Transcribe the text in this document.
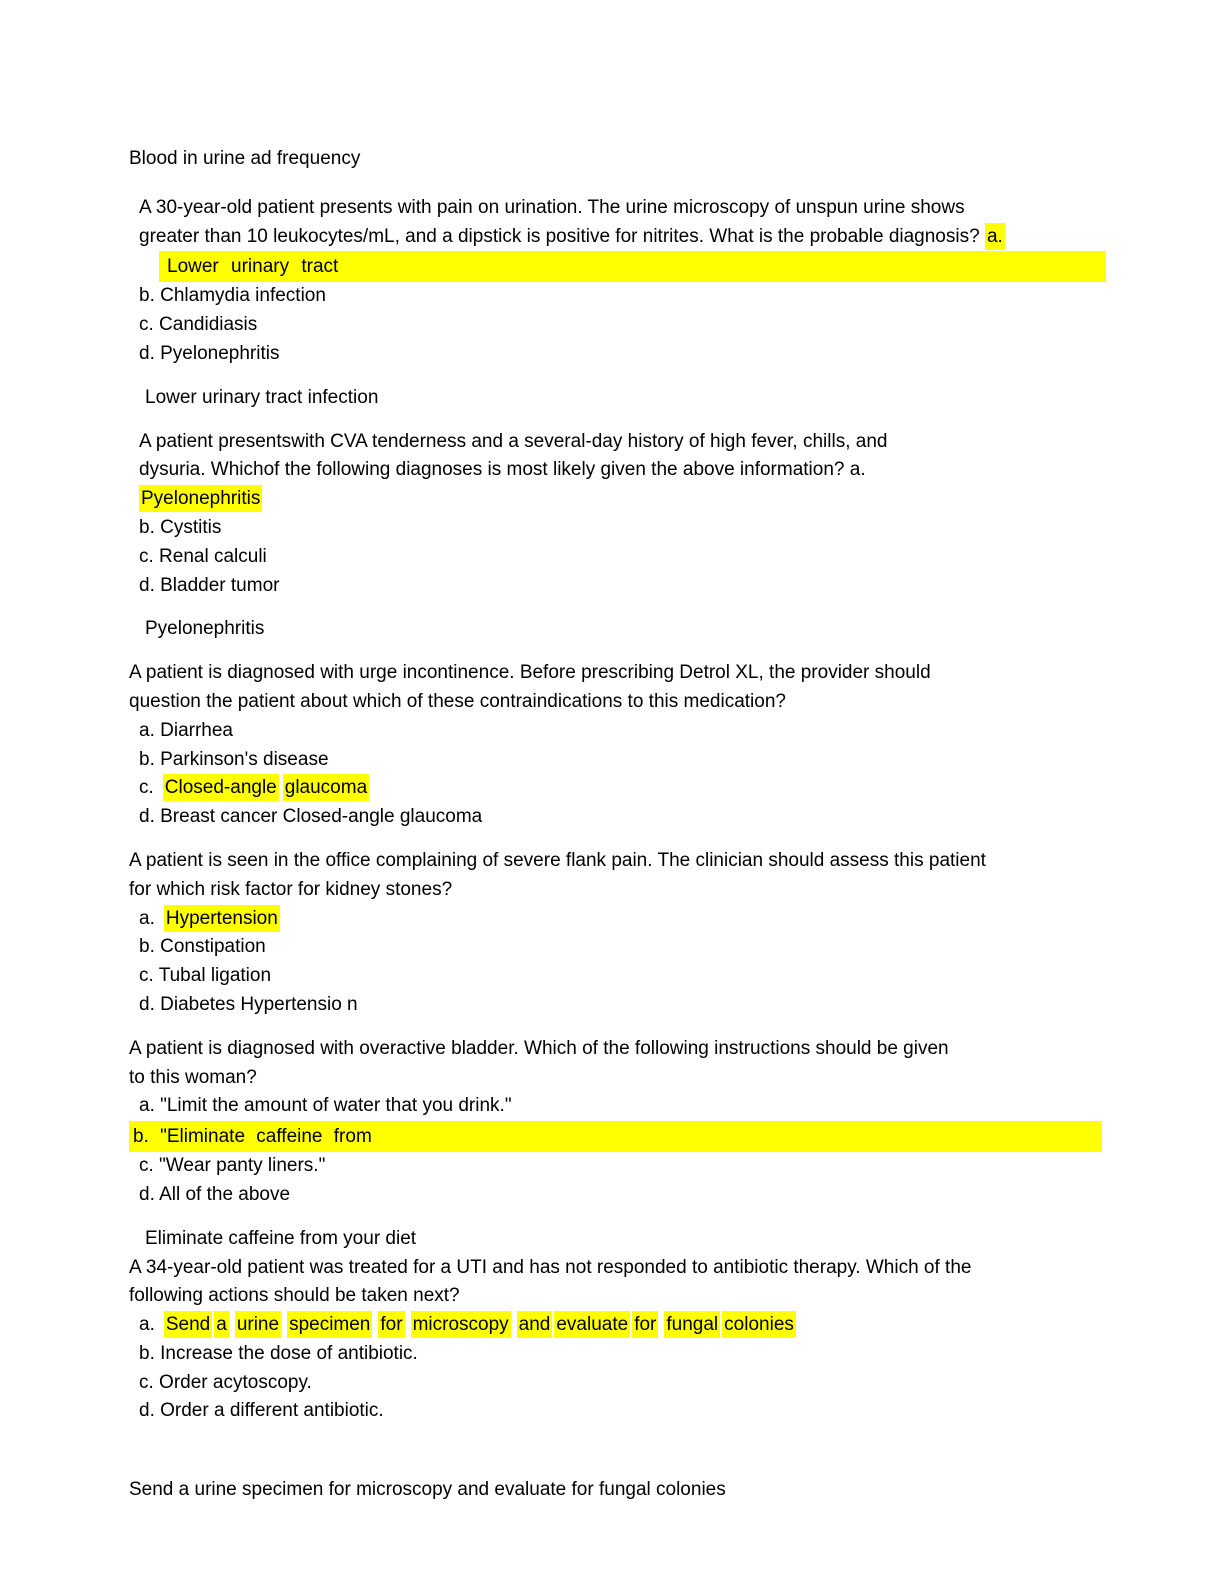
Blood in urine ad frequency
A 30-year-old patient presents with pain on urination. The urine microscopy of unspun urine shows
greater than 10 leukocytes/mL, and a dipstick is positive for nitrites. What is the probable diagnosis? a.
Lower urinary tract
b. Chlamydia infection
c. Candidiasis
d. Pyelonephritis
Lower urinary tract infection
A patient presentswith CVA tenderness and a several-day history of high fever, chills, and
dysuria. Whichof the following diagnoses is most likely given the above information? a.
Pyelonephritis
b. Cystitis
c. Renal calculi
d. Bladder tumor
Pyelonephritis
A patient is diagnosed with urge incontinence. Before prescribing Detrol XL, the provider should
question the patient about which of these contraindications to this medication?
a. Diarrhea
b. Parkinson's disease
c. Closed-angle glaucoma
d. Breast cancer Closed-angle glaucoma
A patient is seen in the office complaining of severe flank pain. The clinician should assess this patient
for which risk factor for kidney stones?
a. Hypertension
b. Constipation
c. Tubal ligation
d. Diabetes Hypertensio n
A patient is diagnosed with overactive bladder. Which of the following instructions should be given
to this woman?
a. "Limit the amount of water that you drink."
b. "Eliminate caffeine from
c. "Wear panty liners."
d. All of the above
Eliminate caffeine from your diet
A 34-year-old patient was treated for a UTI and has not responded to antibiotic therapy. Which of the
following actions should be taken next?
a. Send a urine specimen for microscopy and evaluate for fungal colonies
b. Increase the dose of antibiotic.
c. Order acytoscopy.
d. Order a different antibiotic.
Send a urine specimen for microscopy and evaluate for fungal colonies
